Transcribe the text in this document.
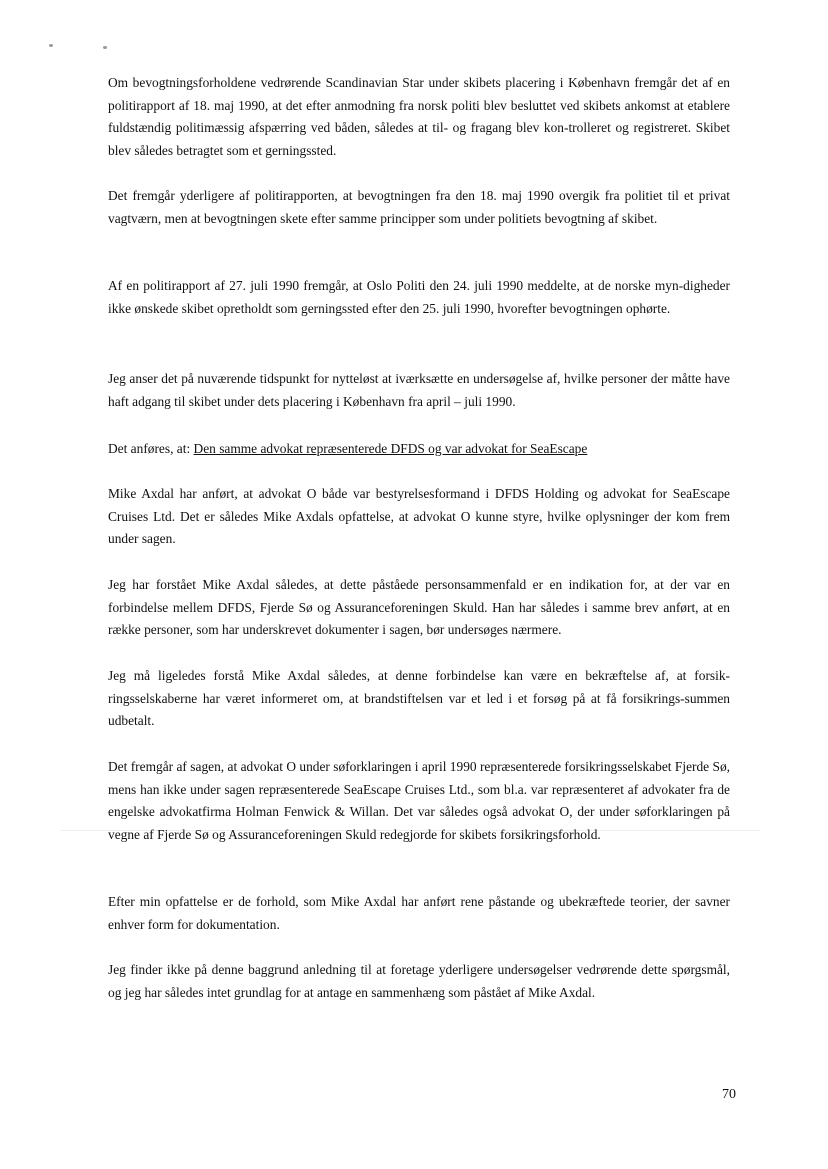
Om bevogtningsforholdene vedrørende Scandinavian Star under skibets placering i København fremgår det af en politirapport af 18. maj 1990, at det efter anmodning fra norsk politi blev besluttet ved skibets ankomst at etablere fuldstændig politimæssig afspærring ved båden, således at til- og fragang blev kon-trolleret og registreret. Skibet blev således betragtet som et gerningssted.

Det fremgår yderligere af politirapporten, at bevogtningen fra den 18. maj 1990 overgik fra politiet til et privat vagtværn, men at bevogtningen skete efter samme principper som under politiets bevogtning af skibet.

Af en politirapport af 27. juli 1990 fremgår, at Oslo Politi den 24. juli 1990 meddelte, at de norske myn-digheder ikke ønskede skibet opretholdt som gerningssted efter den 25. juli 1990, hvorefter bevogtningen ophørte.

Jeg anser det på nuværende tidspunkt for nytteløst at iværksætte en undersøgelse af, hvilke personer der måtte have haft adgang til skibet under dets placering i København fra april – juli 1990.

Det anføres, at: Den samme advokat repræsenterede DFDS og var advokat for SeaEscape

Mike Axdal har anført, at advokat O både var bestyrelsesformand i DFDS Holding og advokat for SeaEscape Cruises Ltd. Det er således Mike Axdals opfattelse, at advokat O kunne styre, hvilke oplysninger der kom frem under sagen.

Jeg har forstået Mike Axdal således, at dette påståede personsammenfald er en indikation for, at der var en forbindelse mellem DFDS, Fjerde Sø og Assuranceforeningen Skuld. Han har således i samme brev anført, at en række personer, som har underskrevet dokumenter i sagen, bør undersøges nærmere.

Jeg må ligeledes forstå Mike Axdal således, at denne forbindelse kan være en bekræftelse af, at forsik-ringsselskaberne har været informeret om, at brandstiftelsen var et led i et forsøg på at få forsikrings-summen udbetalt.

Det fremgår af sagen, at advokat O under søforklaringen i april 1990 repræsenterede forsikringsselskabet Fjerde Sø, mens han ikke under sagen repræsenterede SeaEscape Cruises Ltd., som bl.a. var repræsenteret af advokater fra de engelske advokatfirma Holman Fenwick & Willan. Det var således også advokat O, der under søforklaringen på vegne af Fjerde Sø og Assuranceforeningen Skuld redegjorde for skibets forsikringsforhold.

Efter min opfattelse er de forhold, som Mike Axdal har anført rene påstande og ubekræftede teorier, der savner enhver form for dokumentation.

Jeg finder ikke på denne baggrund anledning til at foretage yderligere undersøgelser vedrørende dette spørgsmål, og jeg har således intet grundlag for at antage en sammenhæng som påstået af Mike Axdal.

70
